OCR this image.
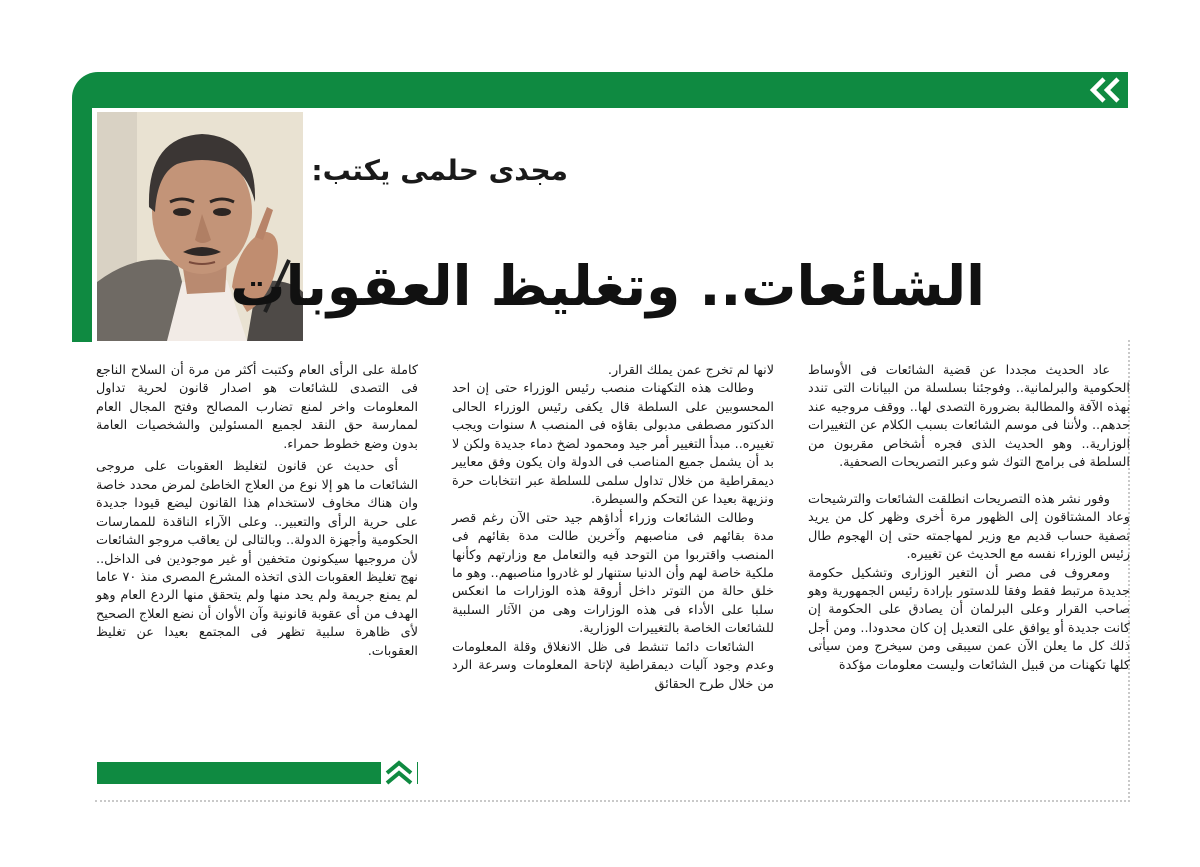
مجدى حلمى يكتب:
الشائعات.. وتغليظ العقوبات

عاد الحديث مجددا عن قضية الشائعات فى الأوساط الحكومية والبرلمانية.. وفوجئنا بسلسلة من البيانات التى تندد بهذه الآفة والمطالبة بضرورة التصدى لها.. ووقف مروجيه عند حدهم.. ولأننا فى موسم الشائعات بسبب الكلام عن التغييرات الوزارية.. وهو الحديث الذى فجره أشخاص مقربون من السلطة فى برامج التوك شو وعبر التصريحات الصحفية.

وفور نشر هذه التصريحات انطلقت الشائعات والترشيحات وعاد المشتاقون إلى الظهور مرة أخرى وظهر كل من يريد تصفية حساب قديم مع وزير لمهاجمته حتى إن الهجوم طال رئيس الوزراء نفسه مع الحديث عن تغييره.

ومعروف فى مصر أن التغير الوزارى وتشكيل حكومة جديدة مرتبط فقط وفقا للدستور بإرادة رئيس الجمهورية وهو صاحب القرار وعلى البرلمان أن يصادق على الحكومة إن كانت جديدة أو يوافق على التعديل إن كان محدودا.. ومن أجل ذلك كل ما يعلن الآن عمن سيبقى ومن سيخرج ومن سيأتى كلها تكهنات من قبيل الشائعات وليست معلومات مؤكدة

لانها لم تخرج عمن يملك القرار.

وطالت هذه التكهنات منصب رئيس الوزراء حتى إن احد المحسوبين على السلطة قال يكفى رئيس الوزراء الحالى الدكتور مصطفى مدبولى بقاؤه فى المنصب ٨ سنوات ويجب تغييره.. مبدأ التغيير أمر جيد ومحمود لضخ دماء جديدة ولكن لا بد أن يشمل جميع المناصب فى الدولة وان يكون وفق معايير ديمقراطية من خلال تداول سلمى للسلطة عبر انتخابات حرة ونزيهة بعيدا عن التحكم والسيطرة.

وطالت الشائعات وزراء أداؤهم جيد حتى الآن رغم قصر مدة بقائهم فى مناصبهم وآخرين طالت مدة بقائهم فى المنصب واقتربوا من التوحد فيه والتعامل مع وزارتهم وكأنها ملكية خاصة لهم وأن الدنيا ستنهار لو غادروا مناصبهم.. وهو ما خلق حالة من التوتر داخل أروقة هذه الوزارات ما انعكس سلبا على الأداء فى هذه الوزارات وهى من الآثار السلبية للشائعات الخاصة بالتغييرات الوزارية.

الشائعات دائما تنشط فى ظل الانغلاق وقلة المعلومات وعدم وجود آليات ديمقراطية لإتاحة المعلومات وسرعة الرد من خلال طرح الحقائق

كاملة على الرأى العام وكتبت أكثر من مرة أن السلاح الناجع فى التصدى للشائعات هو اصدار قانون لحرية تداول المعلومات واخر لمنع تضارب المصالح وفتح المجال العام لممارسة حق النقد لجميع المسئولين والشخصيات العامة بدون وضع خطوط حمراء.

أى حديث عن قانون لتغليظ العقوبات على مروجى الشائعات ما هو إلا نوع من العلاج الخاطئ لمرض محدد خاصة وان هناك مخاوف لاستخدام هذا القانون ليضع قيودا جديدة على حرية الرأى والتعبير.. وعلى الآراء الناقدة للممارسات الحكومية وأجهزة الدولة.. وبالتالى لن يعاقب مروجو الشائعات لأن مروجيها سيكونون متخفين أو غير موجودين فى الداخل.. نهج تغليظ العقوبات الذى اتخذه المشرع المصرى منذ ٧٠ عاما لم يمنع جريمة ولم يحد منها ولم يتحقق منها الردع العام وهو الهدف من أى عقوبة قانونية وآن الأوان أن نضع العلاج الصحيح لأى ظاهرة سلبية تظهر فى المجتمع بعيدا عن تغليظ العقوبات.
